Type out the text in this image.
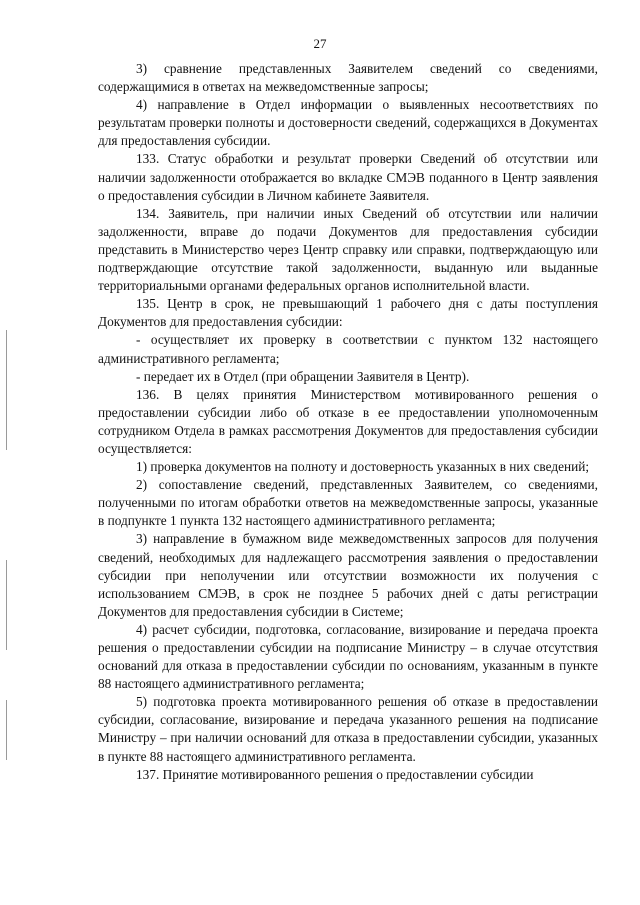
27

3) сравнение представленных Заявителем сведений со сведениями, содержащимися в ответах на межведомственные запросы;

4) направление в Отдел информации о выявленных несоответствиях по результатам проверки полноты и достоверности сведений, содержащихся в Документах для предоставления субсидии.

133. Статус обработки и результат проверки Сведений об отсутствии или наличии задолженности отображается во вкладке СМЭВ поданного в Центр заявления о предоставления субсидии в Личном кабинете Заявителя.

134. Заявитель, при наличии иных Сведений об отсутствии или наличии задолженности, вправе до подачи Документов для предоставления субсидии представить в Министерство через Центр справку или справки, подтверждающую или подтверждающие отсутствие такой задолженности, выданную или выданные территориальными органами федеральных органов исполнительной власти.

135. Центр в срок, не превышающий 1 рабочего дня с даты поступления Документов для предоставления субсидии:

- осуществляет их проверку в соответствии с пунктом 132 настоящего административного регламента;

- передает их в Отдел (при обращении Заявителя в Центр).

136. В целях принятия Министерством мотивированного решения о предоставлении субсидии либо об отказе в ее предоставлении уполномоченным сотрудником Отдела в рамках рассмотрения Документов для предоставления субсидии осуществляется:

1) проверка документов на полноту и достоверность указанных в них сведений;

2) сопоставление сведений, представленных Заявителем, со сведениями, полученными по итогам обработки ответов на межведомственные запросы, указанные в подпункте 1 пункта 132 настоящего административного регламента;

3) направление в бумажном виде межведомственных запросов для получения сведений, необходимых для надлежащего рассмотрения заявления о предоставлении субсидии при неполучении или отсутствии возможности их получения с использованием СМЭВ, в срок не позднее 5 рабочих дней с даты регистрации Документов для предоставления субсидии в Системе;

4) расчет субсидии, подготовка, согласование, визирование и передача проекта решения о предоставлении субсидии на подписание Министру – в случае отсутствия оснований для отказа в предоставлении субсидии по основаниям, указанным в пункте 88 настоящего административного регламента;

5) подготовка проекта мотивированного решения об отказе в предоставлении субсидии, согласование, визирование и передача указанного решения на подписание Министру – при наличии оснований для отказа в предоставлении субсидии, указанных в пункте 88 настоящего административного регламента.

137. Принятие мотивированного решения о предоставлении субсидии
